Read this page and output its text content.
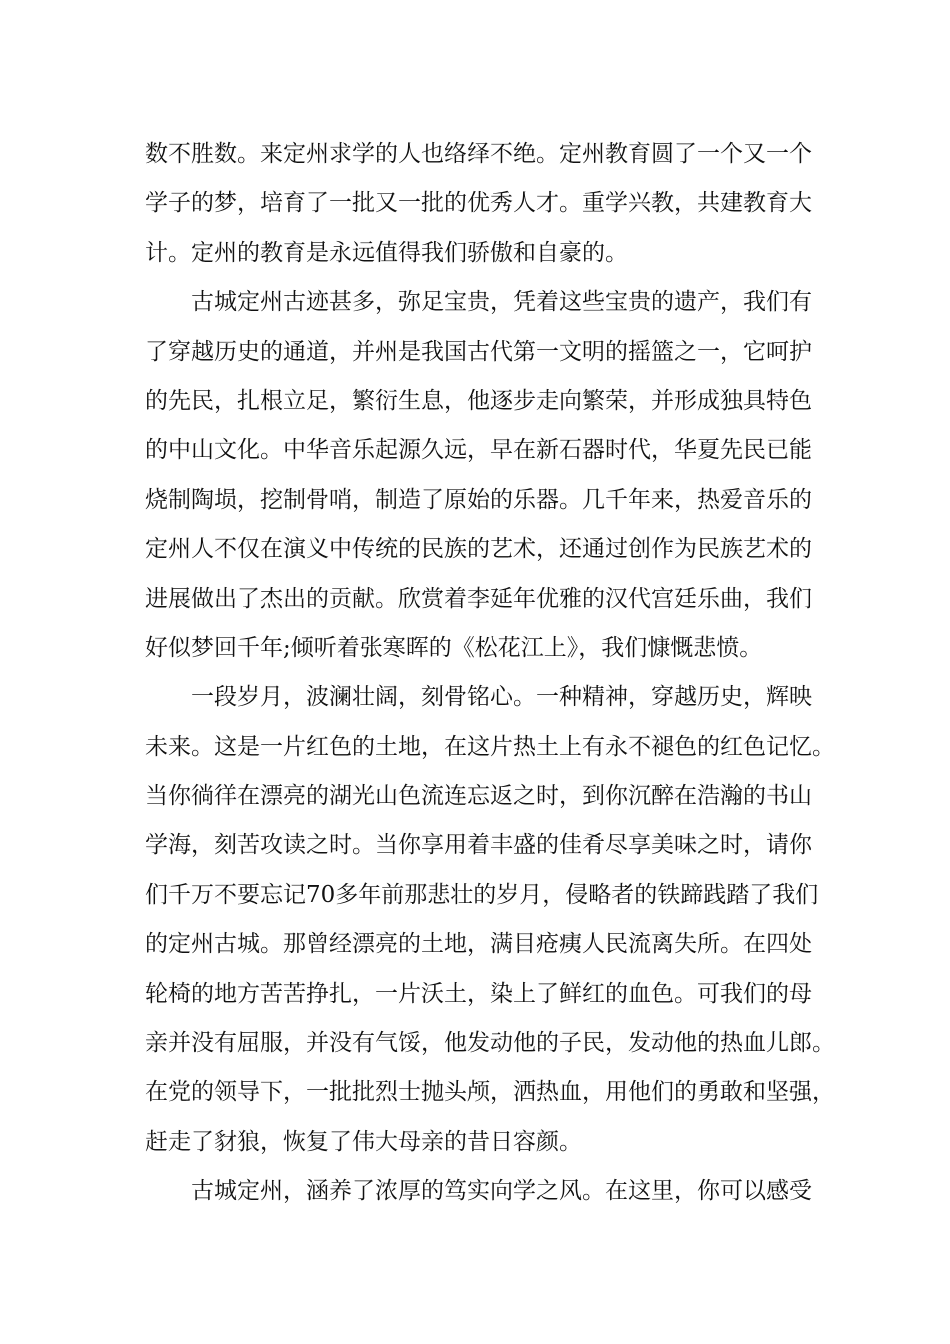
数不胜数。来定州求学的人也络绎不绝。定州教育圆了一个又一个
学子的梦，培育了一批又一批的优秀人才。重学兴教，共建教育大
计。定州的教育是永远值得我们骄傲和自豪的。
古城定州古迹甚多，弥足宝贵，凭着这些宝贵的遗产，我们有
了穿越历史的通道，并州是我国古代第一文明的摇篮之一，它呵护
的先民，扎根立足，繁衍生息，他逐步走向繁荣，并形成独具特色
的中山文化。中华音乐起源久远，早在新石器时代，华夏先民已能
烧制陶埙，挖制骨哨，制造了原始的乐器。几千年来，热爱音乐的
定州人不仅在演义中传统的民族的艺术，还通过创作为民族艺术的
进展做出了杰出的贡献。欣赏着李延年优雅的汉代宫廷乐曲，我们
好似梦回千年;倾听着张寒晖的《松花江上》，我们慷慨悲愤。
一段岁月，波澜壮阔，刻骨铭心。一种精神，穿越历史，辉映
未来。这是一片红色的土地，在这片热土上有永不褪色的红色记忆。
当你徜徉在漂亮的湖光山色流连忘返之时，到你沉醉在浩瀚的书山
学海，刻苦攻读之时。当你享用着丰盛的佳肴尽享美味之时，请你
们千万不要忘记70多年前那悲壮的岁月，侵略者的铁蹄践踏了我们
的定州古城。那曾经漂亮的土地，满目疮痍人民流离失所。在四处
轮椅的地方苦苦挣扎，一片沃土，染上了鲜红的血色。可我们的母
亲并没有屈服，并没有气馁，他发动他的子民，发动他的热血儿郎。
在党的领导下，一批批烈士抛头颅，洒热血，用他们的勇敢和坚强，
赶走了豺狼，恢复了伟大母亲的昔日容颜。
古城定州，涵养了浓厚的笃实向学之风。在这里，你可以感受
